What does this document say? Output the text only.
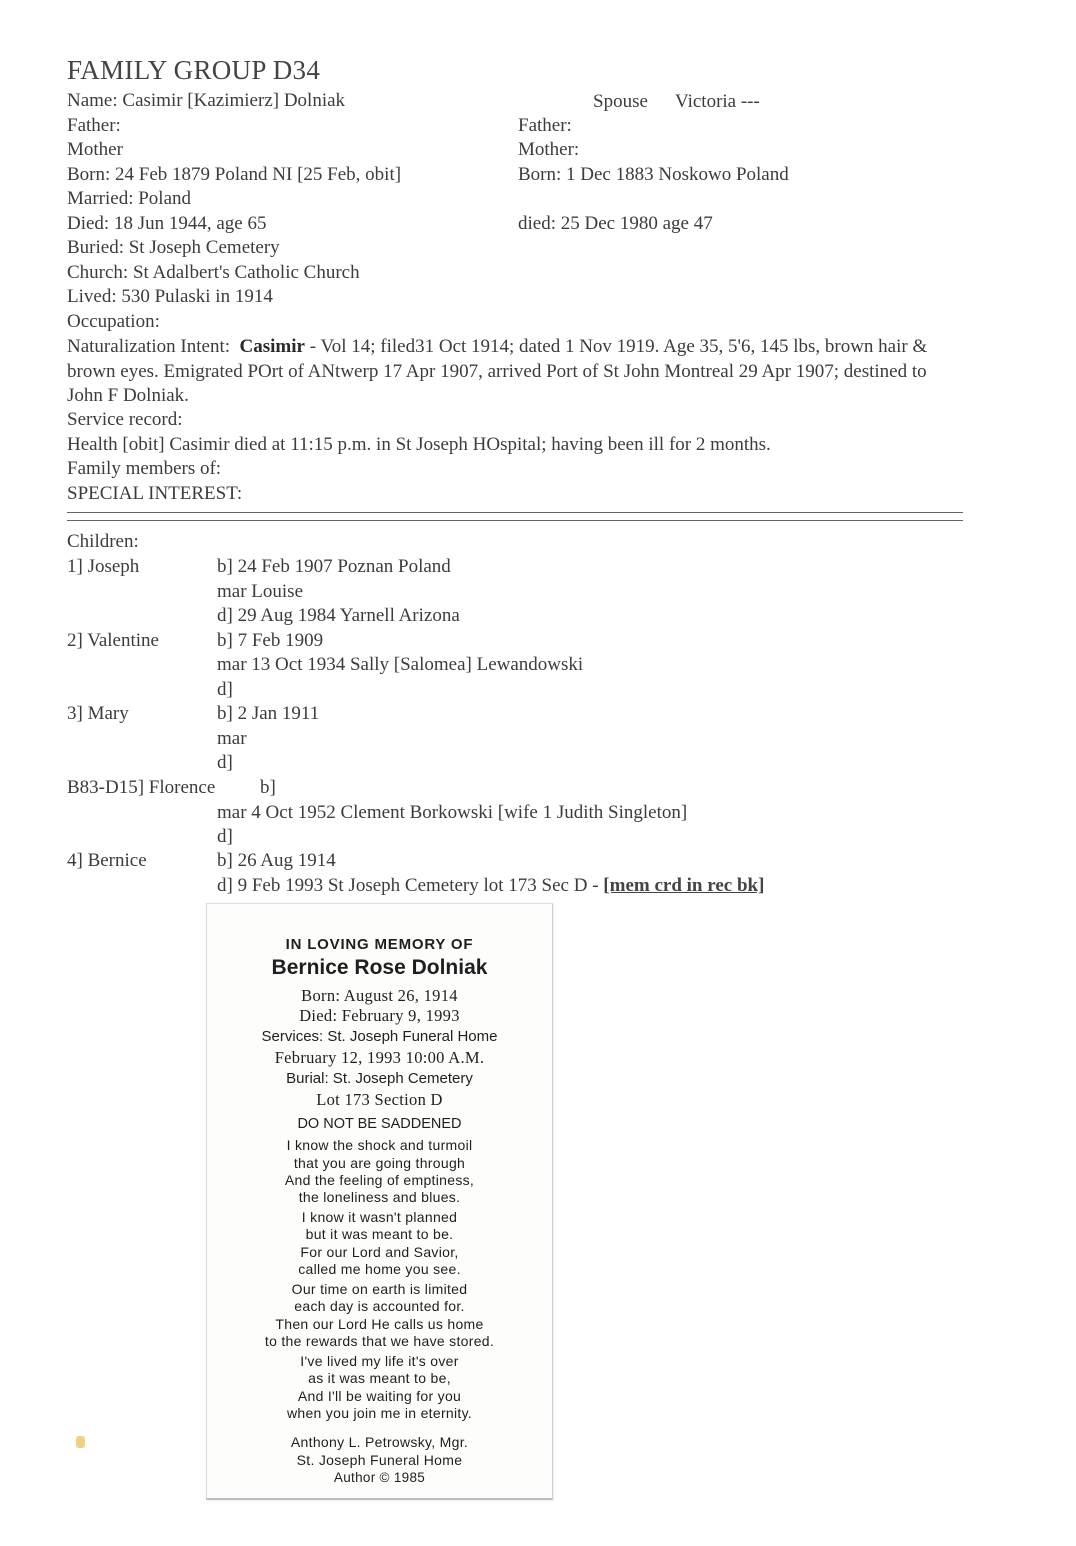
FAMILY GROUP D34
Name: Casimir [Kazimierz] Dolniak
Father:
Mother
Born: 24 Feb 1879 Poland NI [25 Feb, obit]
Married: Poland
Died: 18 Jun 1944, age 65
Buried: St Joseph Cemetery
Church: St Adalbert's Catholic Church
Lived: 530 Pulaski in 1914
Occupation:
Spouse Victoria ---
Father:
Mother:
Born: 1 Dec 1883 Noskowo Poland
died: 25 Dec 1980 age 47
Naturalization Intent: Casimir - Vol 14; filed31 Oct 1914; dated 1 Nov 1919. Age 35, 5'6, 145 lbs, brown hair & brown eyes. Emigrated POrt of ANtwerp 17 Apr 1907, arrived Port of St John Montreal 29 Apr 1907; destined to John F Dolniak.
Service record:
Health [obit] Casimir died at 11:15 p.m. in St Joseph HOspital; having been ill for 2 months.
Family members of:
SPECIAL INTEREST:
Children:
1] Joseph	b] 24 Feb 1907 Poznan Poland
mar Louise
d] 29 Aug 1984 Yarnell Arizona
2] Valentine	b] 7 Feb 1909
mar 13 Oct 1934 Sally [Salomea] Lewandowski
d]
3] Mary	b] 2 Jan 1911
mar
d]
B83-D15] Florence b]
mar 4 Oct 1952 Clement Borkowski [wife 1 Judith Singleton]
d]
4] Bernice	b] 26 Aug 1914
d] 9 Feb 1993 St Joseph Cemetery lot 173 Sec D - [mem crd in rec bk]
IN LOVING MEMORY OF
Bernice Rose Dolniak
Born: August 26, 1914
Died: February 9, 1993
Services: St. Joseph Funeral Home
February 12, 1993 10:00 A.M.
Burial: St. Joseph Cemetery
Lot 173 Section D
DO NOT BE SADDENED
I know the shock and turmoil
that you are going through
And the feeling of emptiness,
the loneliness and blues.
I know it wasn't planned
but it was meant to be.
For our Lord and Savior,
called me home you see.
Our time on earth is limited
each day is accounted for.
Then our Lord He calls us home
to the rewards that we have stored.
I've lived my life it's over
as it was meant to be,
And I'll be waiting for you
when you join me in eternity.
Anthony L. Petrowsky, Mgr.
St. Joseph Funeral Home
Author © 1985
